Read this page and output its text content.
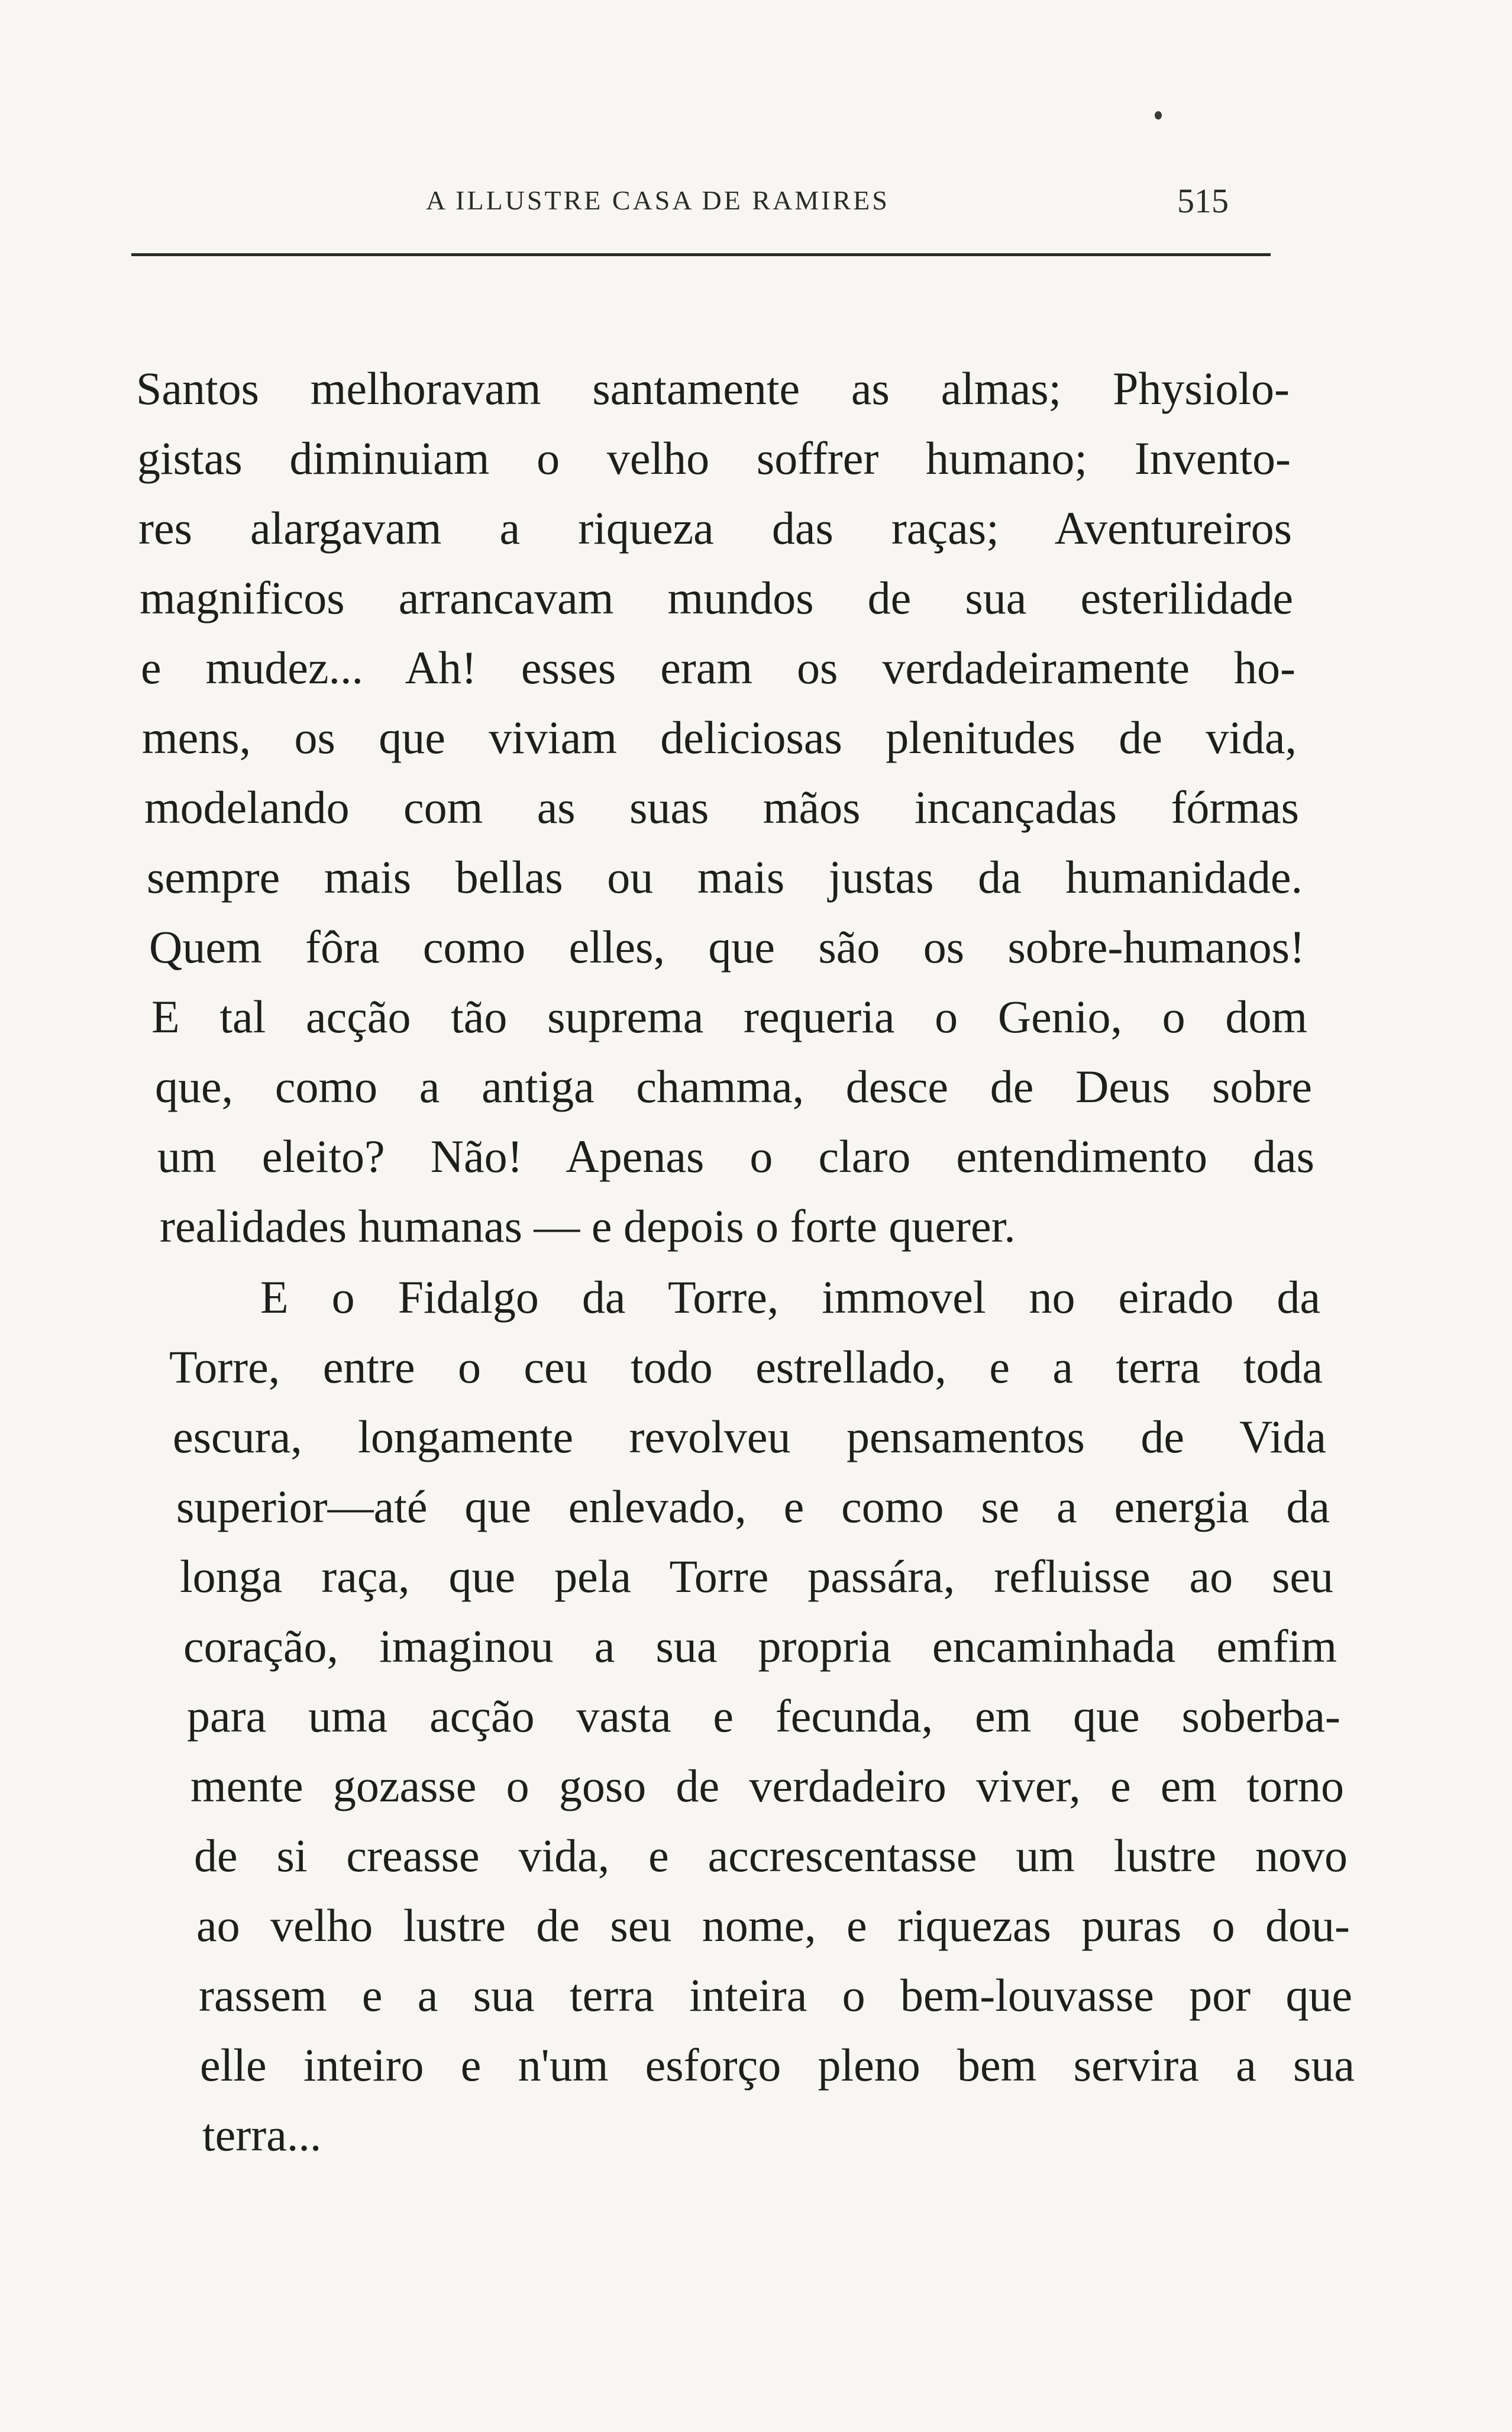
A ILLUSTRE CASA DE RAMIRES	515
Santos melhoravam santamente as almas; Physiolo-
gistas diminuiam o velho soffrer humano; Invento-
res alargavam a riqueza das raças; Aventureiros
magnificos arrancavam mundos de sua esterilidade
e mudez... Ah! esses eram os verdadeiramente ho-
mens, os que viviam deliciosas plenitudes de vida,
modelando com as suas mãos incançadas fórmas
sempre mais bellas ou mais justas da humanidade.
Quem fôra como elles, que são os sobre-humanos!
E tal acção tão suprema requeria o Genio, o dom
que, como a antiga chamma, desce de Deus sobre
um eleito? Não! Apenas o claro entendimento das
realidades humanas — e depois o forte querer.
E o Fidalgo da Torre, immovel no eirado da
Torre, entre o ceu todo estrellado, e a terra toda
escura, longamente revolveu pensamentos de Vida
superior—até que enlevado, e como se a energia da
longa raça, que pela Torre passára, refluisse ao seu
coração, imaginou a sua propria encaminhada emfim
para uma acção vasta e fecunda, em que soberba-
mente gozasse o goso de verdadeiro viver, e em torno
de si creasse vida, e accrescentasse um lustre novo
ao velho lustre de seu nome, e riquezas puras o dou-
rassem e a sua terra inteira o bem-louvasse por que
elle inteiro e n'um esforço pleno bem servira a sua
terra...
